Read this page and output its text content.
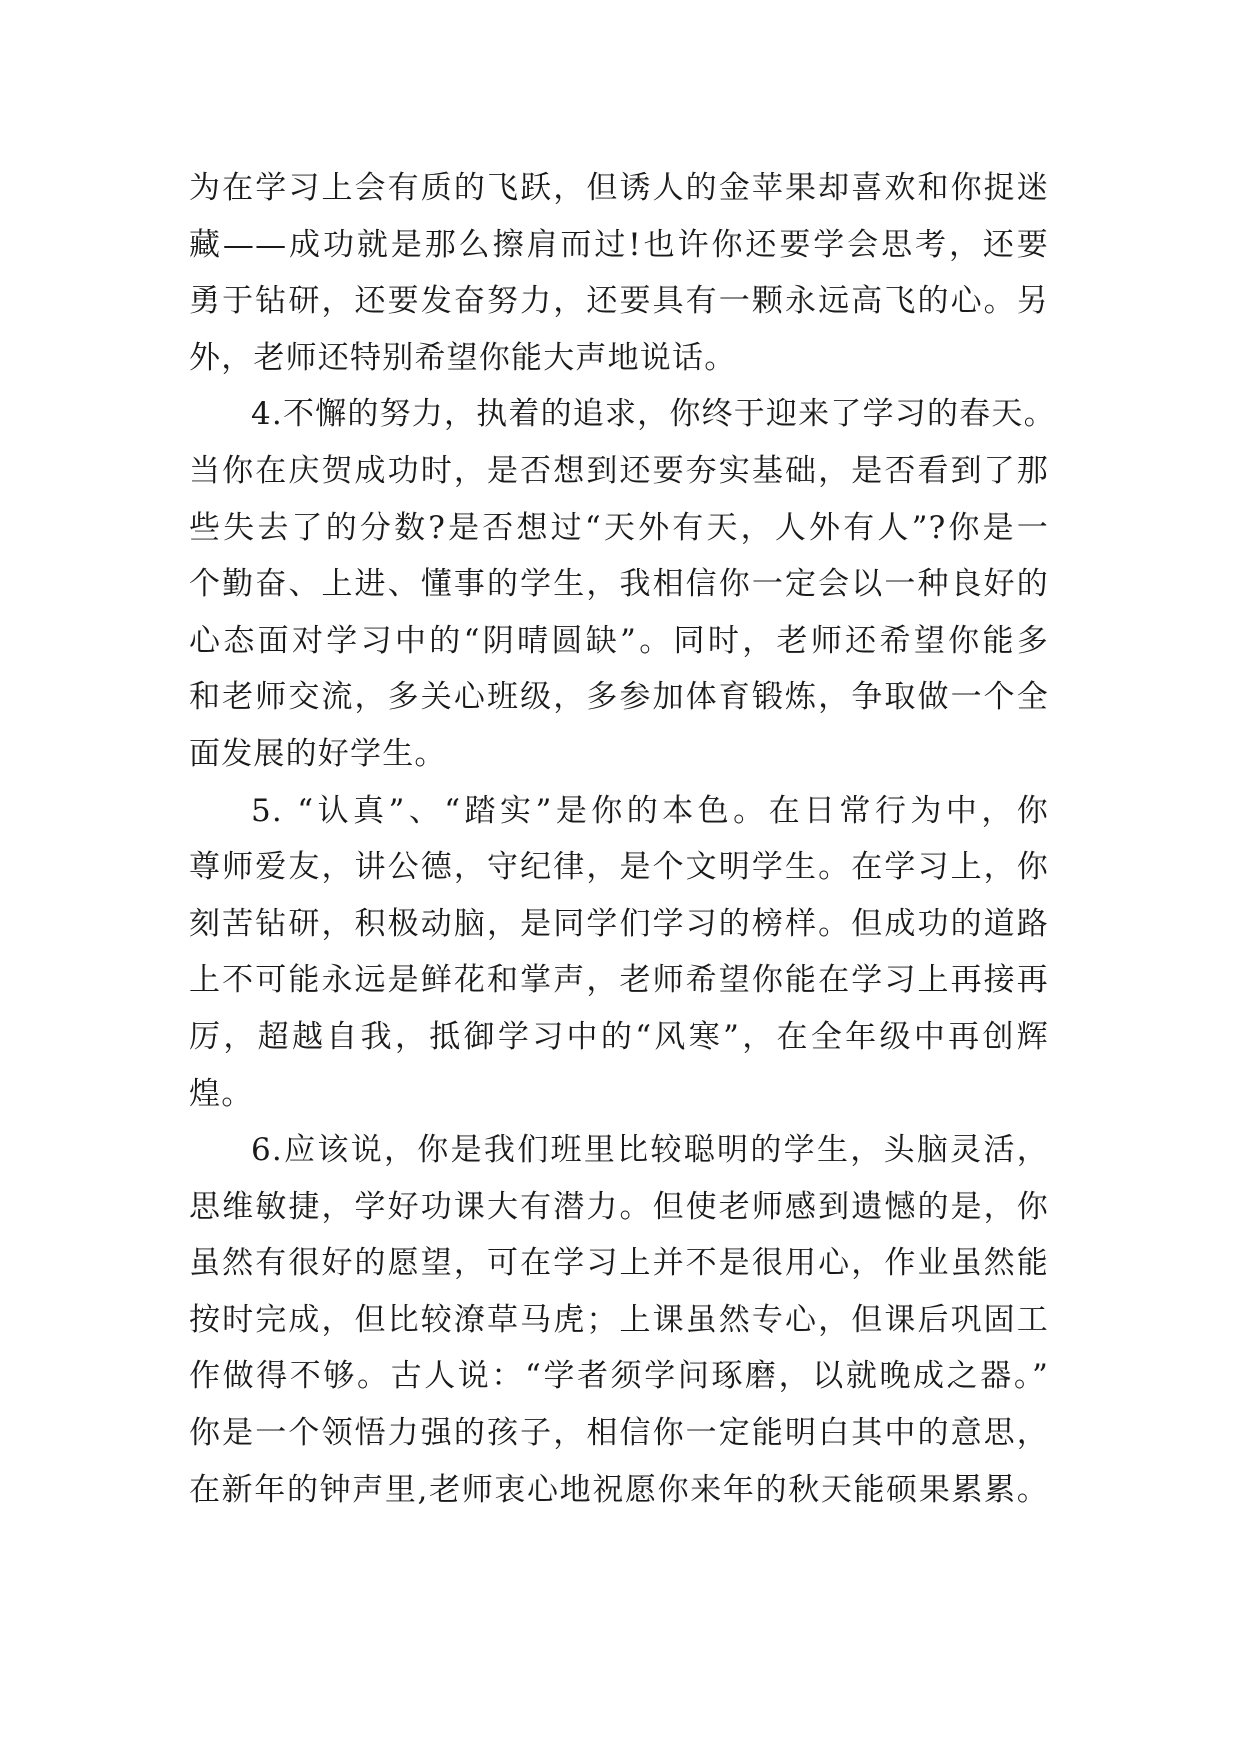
为在学习上会有质的飞跃，但诱人的金苹果却喜欢和你捉迷
藏——成功就是那么擦肩而过!也许你还要学会思考，还要
勇于钻研，还要发奋努力，还要具有一颗永远高飞的心。另
外，老师还特别希望你能大声地说话。
4.不懈的努力，执着的追求，你终于迎来了学习的春天。
当你在庆贺成功时，是否想到还要夯实基础，是否看到了那
些失去了的分数?是否想过“天外有天，人外有人”?你是一
个勤奋、上进、懂事的学生，我相信你一定会以一种良好的
心态面对学习中的“阴晴圆缺”。同时，老师还希望你能多
和老师交流，多关心班级，多参加体育锻炼，争取做一个全
面发展的好学生。
5. “认真”、“踏实”是你的本色。在日常行为中，你
尊师爱友，讲公德，守纪律，是个文明学生。在学习上，你
刻苦钻研，积极动脑，是同学们学习的榜样。但成功的道路
上不可能永远是鲜花和掌声，老师希望你能在学习上再接再
厉，超越自我，抵御学习中的“风寒”，在全年级中再创辉
煌。
6.应该说，你是我们班里比较聪明的学生，头脑灵活，
思维敏捷，学好功课大有潜力。但使老师感到遗憾的是，你
虽然有很好的愿望，可在学习上并不是很用心，作业虽然能
按时完成，但比较潦草马虎；上课虽然专心，但课后巩固工
作做得不够。古人说：“学者须学问琢磨，以就晚成之器。”
你是一个领悟力强的孩子，相信你一定能明白其中的意思，
在新年的钟声里,老师衷心地祝愿你来年的秋天能硕果累累。
